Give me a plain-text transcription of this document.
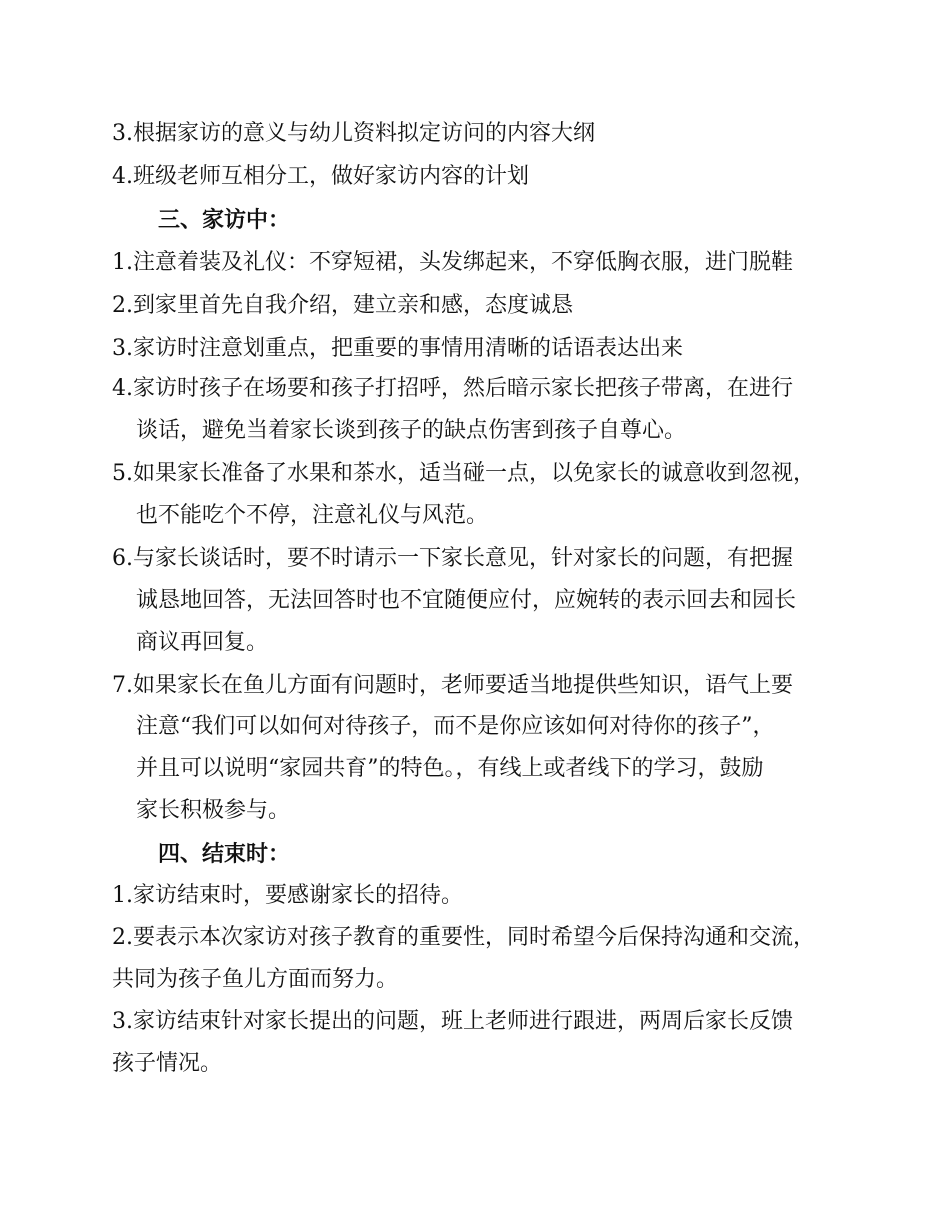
3.根据家访的意义与幼儿资料拟定访问的内容大纲
4.班级老师互相分工，做好家访内容的计划
三、家访中：
1.注意着装及礼仪：不穿短裙，头发绑起来，不穿低胸衣服，进门脱鞋
2.到家里首先自我介绍，建立亲和感，态度诚恳
3.家访时注意划重点，把重要的事情用清晰的话语表达出来
4.家访时孩子在场要和孩子打招呼，然后暗示家长把孩子带离，在进行
谈话，避免当着家长谈到孩子的缺点伤害到孩子自尊心。
5.如果家长准备了水果和茶水，适当碰一点，以免家长的诚意收到忽视，
也不能吃个不停，注意礼仪与风范。
6.与家长谈话时，要不时请示一下家长意见，针对家长的问题，有把握
诚恳地回答，无法回答时也不宜随便应付，应婉转的表示回去和园长
商议再回复。
7.如果家长在鱼儿方面有问题时，老师要适当地提供些知识，语气上要
注意“我们可以如何对待孩子，而不是你应该如何对待你的孩子”，
并且可以说明“家园共育”的特色。，有线上或者线下的学习，鼓励
家长积极参与。
四、结束时：
1.家访结束时，要感谢家长的招待。
2.要表示本次家访对孩子教育的重要性，同时希望今后保持沟通和交流，
共同为孩子鱼儿方面而努力。
3.家访结束针对家长提出的问题，班上老师进行跟进，两周后家长反馈
孩子情况。
